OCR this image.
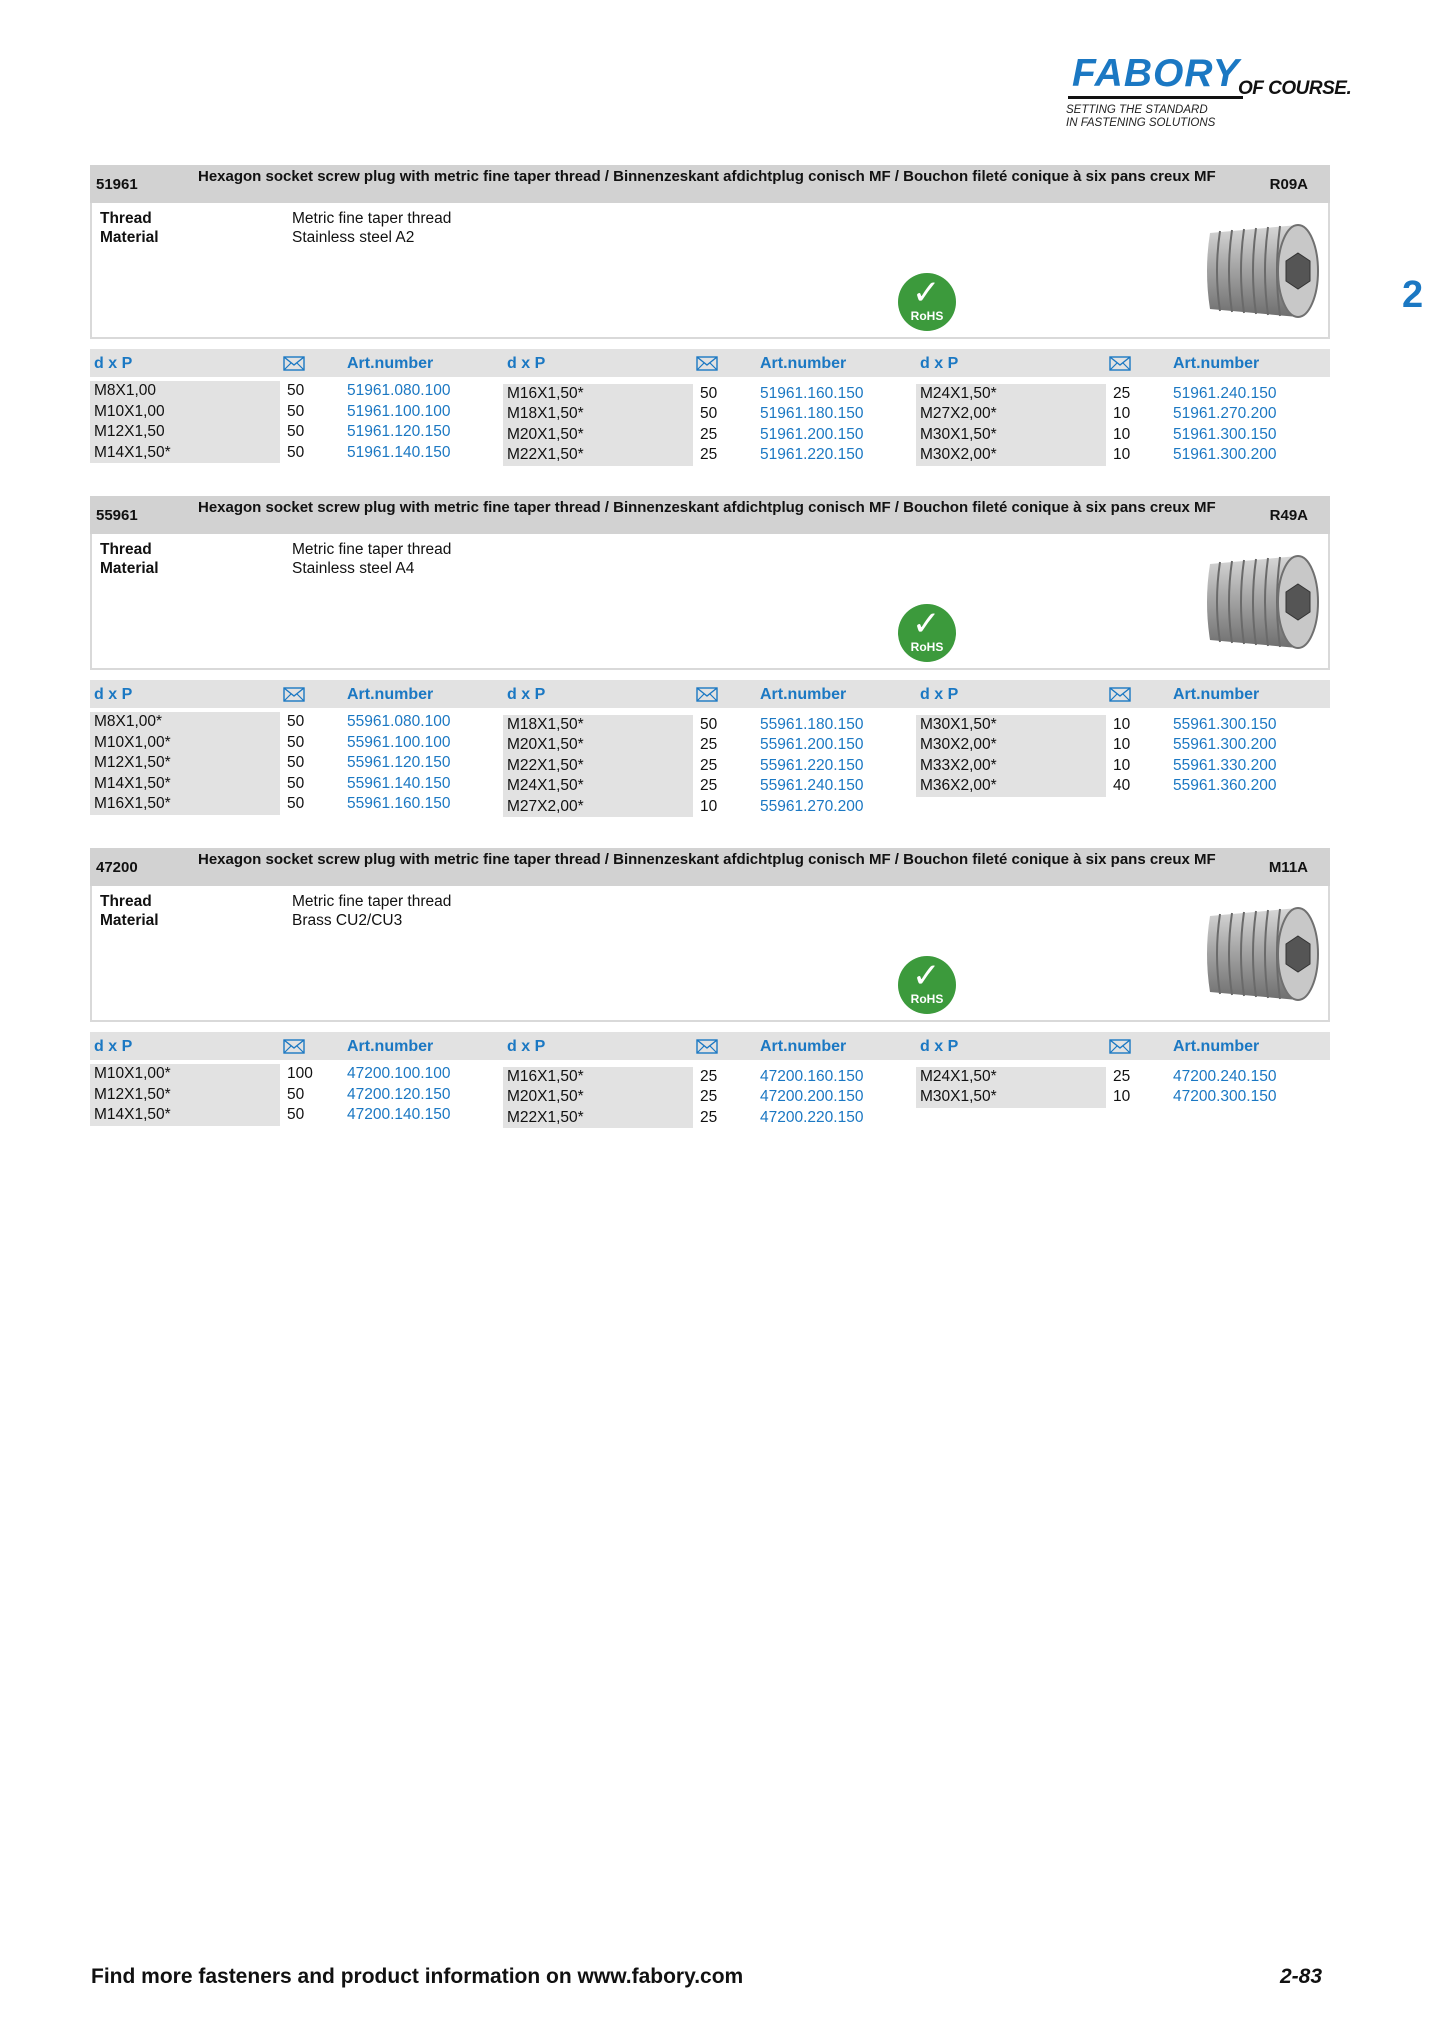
FABORY
OF COURSE.
SETTING THE STANDARD
IN FASTENING SOLUTIONS
2
51961	Hexagon socket screw plug with metric fine taper thread / Binnenzeskant afdichtplug conisch MF / Bouchon fileté conique à six pans creux MF	R09A
Thread	Metric fine taper thread
Material	Stainless steel A2
✓
RoHS
d x P	Art.number	d x P	Art.number	d x P	Art.number
M8X1,00	50	51961.080.100
M10X1,00	50	51961.100.100
M12X1,50	50	51961.120.150
M14X1,50*	50	51961.140.150
M16X1,50*	50	51961.160.150
M18X1,50*	50	51961.180.150
M20X1,50*	25	51961.200.150
M22X1,50*	25	51961.220.150
M24X1,50*	25	51961.240.150
M27X2,00*	10	51961.270.200
M30X1,50*	10	51961.300.150
M30X2,00*	10	51961.300.200
55961	Hexagon socket screw plug with metric fine taper thread / Binnenzeskant afdichtplug conisch MF / Bouchon fileté conique à six pans creux MF	R49A
Thread	Metric fine taper thread
Material	Stainless steel A4
✓
RoHS
d x P	Art.number	d x P	Art.number	d x P	Art.number
M8X1,00*	50	55961.080.100
M10X1,00*	50	55961.100.100
M12X1,50*	50	55961.120.150
M14X1,50*	50	55961.140.150
M16X1,50*	50	55961.160.150
M18X1,50*	50	55961.180.150
M20X1,50*	25	55961.200.150
M22X1,50*	25	55961.220.150
M24X1,50*	25	55961.240.150
M27X2,00*	10	55961.270.200
M30X1,50*	10	55961.300.150
M30X2,00*	10	55961.300.200
M33X2,00*	10	55961.330.200
M36X2,00*	40	55961.360.200
47200	Hexagon socket screw plug with metric fine taper thread / Binnenzeskant afdichtplug conisch MF / Bouchon fileté conique à six pans creux MF	M11A
Thread	Metric fine taper thread
Material	Brass CU2/CU3
✓
RoHS
d x P	Art.number	d x P	Art.number	d x P	Art.number
M10X1,00*	100 47200.100.100
M12X1,50*	50	47200.120.150
M14X1,50*	50	47200.140.150
M16X1,50*	25	47200.160.150
M20X1,50*	25	47200.200.150
M22X1,50*	25	47200.220.150
M24X1,50*	25	47200.240.150
M30X1,50*	10	47200.300.150
Find more fasteners and product information on www.fabory.com	2-83
